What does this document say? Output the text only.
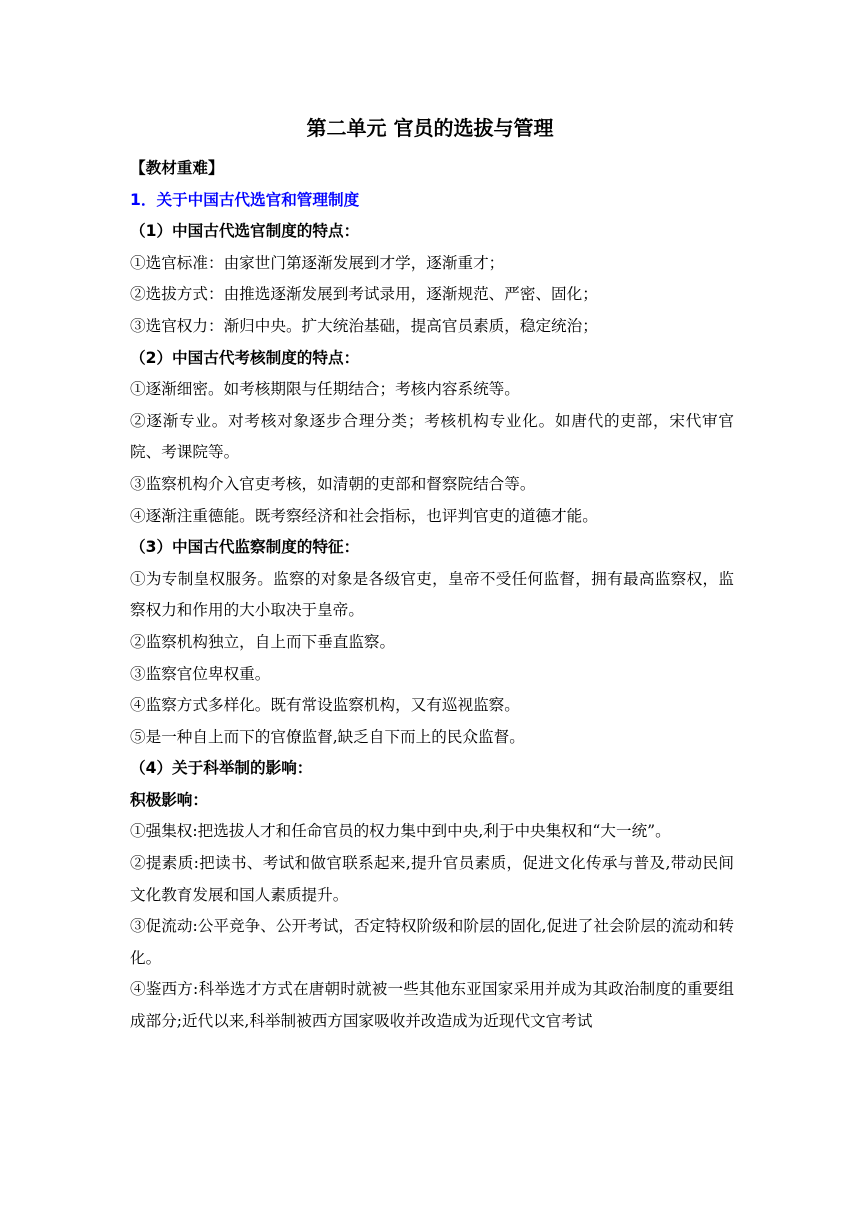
第二单元 官员的选拔与管理
【教材重难】
1．关于中国古代选官和管理制度
（1）中国古代选官制度的特点：
①选官标准：由家世门第逐渐发展到才学，逐渐重才；
②选拔方式：由推选逐渐发展到考试录用，逐渐规范、严密、固化；
③选官权力：渐归中央。扩大统治基础，提高官员素质，稳定统治；
（2）中国古代考核制度的特点：
①逐渐细密。如考核期限与任期结合；考核内容系统等。
②逐渐专业。对考核对象逐步合理分类；考核机构专业化。如唐代的吏部，宋代审官院、考课院等。
③监察机构介入官吏考核，如清朝的吏部和督察院结合等。
④逐渐注重德能。既考察经济和社会指标，也评判官吏的道德才能。
（3）中国古代监察制度的特征：
①为专制皇权服务。监察的对象是各级官吏，皇帝不受任何监督，拥有最高监察权，监察权力和作用的大小取决于皇帝。
②监察机构独立，自上而下垂直监察。
③监察官位卑权重。
④监察方式多样化。既有常设监察机构，又有巡视监察。
⑤是一种自上而下的官僚监督,缺乏自下而上的民众监督。
（4）关于科举制的影响：
积极影响：
①强集权:把选拔人才和任命官员的权力集中到中央,利于中央集权和“大一统”。
②提素质:把读书、考试和做官联系起来,提升官员素质，促进文化传承与普及,带动民间文化教育发展和国人素质提升。
③促流动:公平竞争、公开考试，否定特权阶级和阶层的固化,促进了社会阶层的流动和转化。
④鉴西方:科举选才方式在唐朝时就被一些其他东亚国家采用并成为其政治制度的重要组成部分;近代以来,科举制被西方国家吸收并改造成为近现代文官考试
